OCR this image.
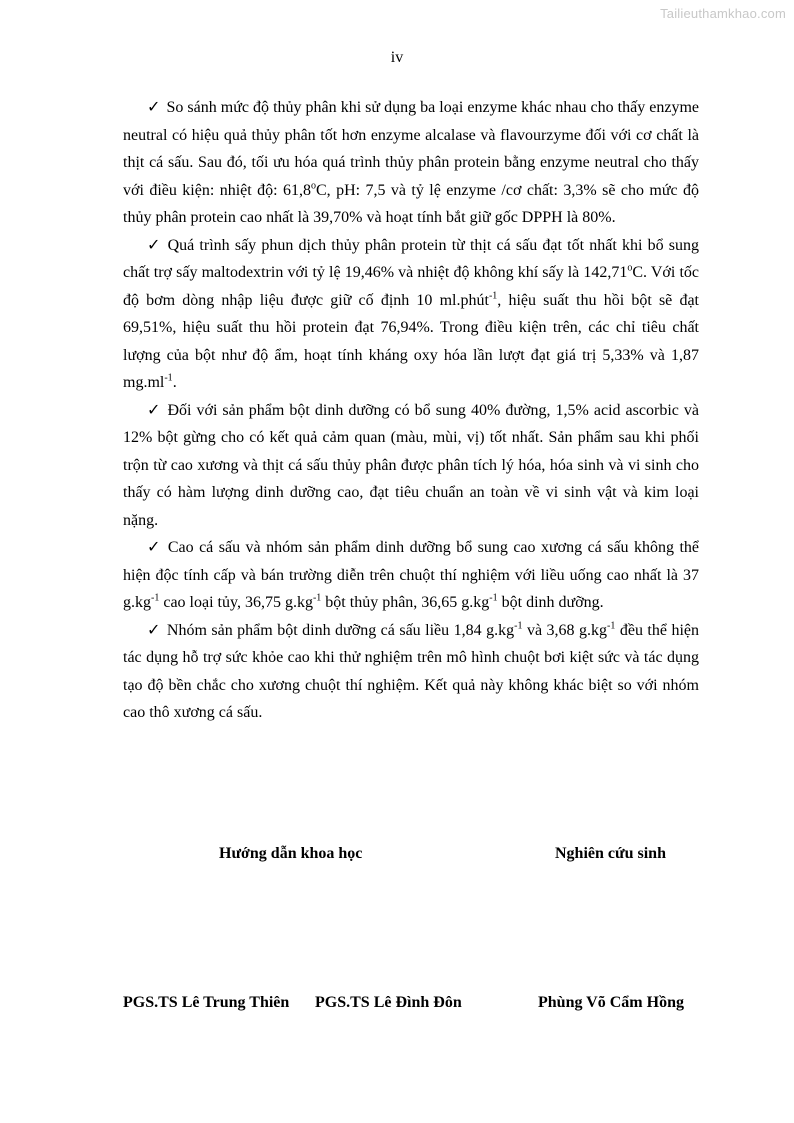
Tailieuthamkhao.com
iv

✓ So sánh mức độ thủy phân khi sử dụng ba loại enzyme khác nhau cho thấy enzyme neutral có hiệu quả thủy phân tốt hơn enzyme alcalase và flavourzyme đối với cơ chất là thịt cá sấu. Sau đó, tối ưu hóa quá trình thủy phân protein bằng enzyme neutral cho thấy với điều kiện: nhiệt độ: 61,8$^o$C, pH: 7,5 và tỷ lệ enzyme /cơ chất: 3,3% sẽ cho mức độ thủy phân protein cao nhất là 39,70% và hoạt tính bắt giữ gốc DPPH là 80%.

✓ Quá trình sấy phun dịch thủy phân protein từ thịt cá sấu đạt tốt nhất khi bổ sung chất trợ sấy maltodextrin với tỷ lệ 19,46% và nhiệt độ không khí sấy là 142,71$^o$C. Với tốc độ bơm dòng nhập liệu được giữ cố định 10 ml.phút$^{-1}$, hiệu suất thu hồi bột sẽ đạt 69,51%, hiệu suất thu hồi protein đạt 76,94%. Trong điều kiện trên, các chỉ tiêu chất lượng của bột như độ ẩm, hoạt tính kháng oxy hóa lần lượt đạt giá trị 5,33% và 1,87 $mg.ml^{-1}$.

✓ Đối với sản phẩm bột dinh dưỡng có bổ sung 40% đường, 1,5% acid ascorbic và 12% bột gừng cho có kết quả cảm quan (màu, mùi, vị) tốt nhất. Sản phẩm sau khi phối trộn từ cao xương và thịt cá sấu thủy phân được phân tích lý hóa, hóa sinh và vi sinh cho thấy có hàm lượng dinh dưỡng cao, đạt tiêu chuẩn an toàn về vi sinh vật và kim loại nặng.

✓ Cao cá sấu và nhóm sản phẩm dinh dưỡng bổ sung cao xương cá sấu không thể hiện độc tính cấp và bán trường diễn trên chuột thí nghiệm với liều uống cao nhất là 37 $g.kg^{-1}$ cao loại tủy, 36,75 $g.kg^{-1}$ bột thủy phân, 36,65 $g.kg^{-1}$ bột dinh dưỡng.

✓ Nhóm sản phẩm bột dinh dưỡng cá sấu liều 1,84 $g.kg^{-1}$ và 3,68 $g.kg^{-1}$ đều thể hiện tác dụng hỗ trợ sức khỏe cao khi thử nghiệm trên mô hình chuột bơi kiệt sức và tác dụng tạo độ bền chắc cho xương chuột thí nghiệm. Kết quả này không khác biệt so với nhóm cao thô xương cá sấu.

Hướng dẫn khoa học	Nghiên cứu sinh
PGS.TS Lê Trung Thiên PGS.TS Lê Đình Đôn	Phùng Võ Cẩm Hồng
